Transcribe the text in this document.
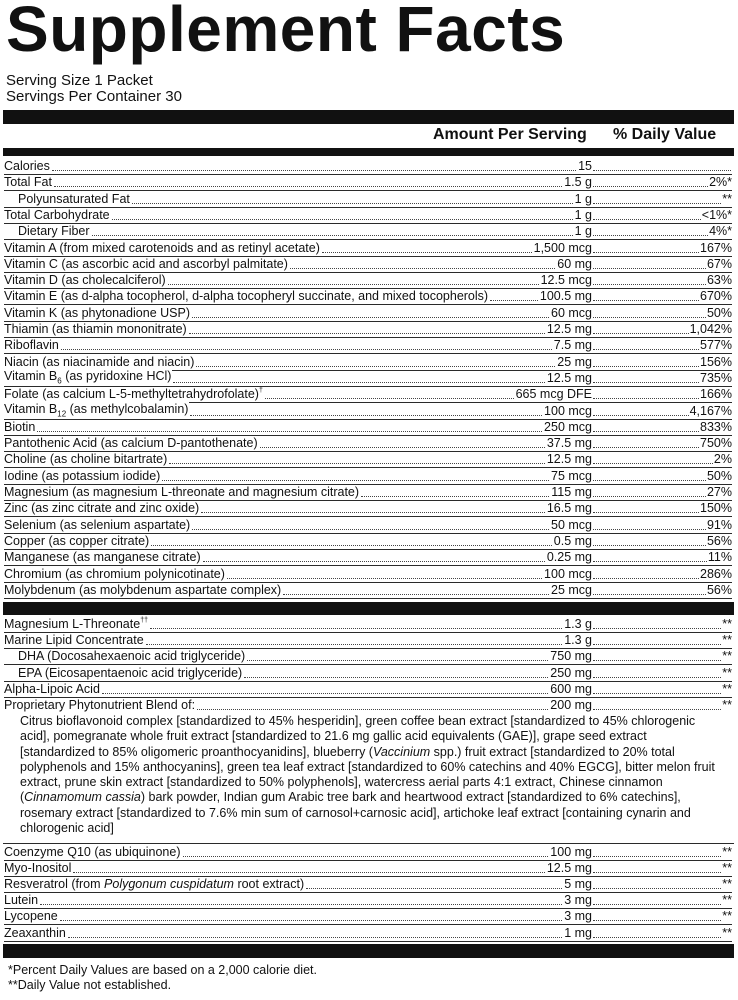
Supplement Facts
Serving Size 1 Packet
Servings Per Container 30
Amount Per Serving % Daily Value
Calories	15
Total Fat	1.5 g	2%*
Polyunsaturated Fat	1 g	**
Total Carbohydrate	1 g	<1%*
Dietary Fiber	1 g	4%*
Vitamin A (from mixed carotenoids and as retinyl acetate)	1,500 mcg	167%
Vitamin C (as ascorbic acid and ascorbyl palmitate)	60 mg	67%
Vitamin D (as cholecalciferol)	12.5 mcg	63%
Vitamin E (as d-alpha tocopherol, d-alpha tocopheryl succinate, and mixed tocopherols)	100.5 mg	670%
Vitamin K (as phytonadione USP)	60 mcg	50%
Thiamin (as thiamin mononitrate)	12.5 mg	1,042%
Riboflavin	7.5 mg	577%
Niacin (as niacinamide and niacin)	25 mg	156%
Vitamin $B_6$ (as pyridoxine HCl)	12.5 mg	735%
Folate (as calcium L-5-methyltetrahydrofolate)†	665 mcg DFE	166%
Vitamin $B_{12}$ (as methylcobalamin)	100 mcg	4,167%
Biotin	250 mcg	833%
Pantothenic Acid (as calcium D-pantothenate)	37.5 mg	750%
Choline (as choline bitartrate)	12.5 mg	2%
Iodine (as potassium iodide)	75 mcg	50%
Magnesium (as magnesium L-threonate and magnesium citrate)	115 mg	27%
Zinc (as zinc citrate and zinc oxide)	16.5 mg	150%
Selenium (as selenium aspartate)	50 mcg	91%
Copper (as copper citrate)	0.5 mg	56%
Manganese (as manganese citrate)	0.25 mg	11%
Chromium (as chromium polynicotinate)	100 mcg	286%
Molybdenum (as molybdenum aspartate complex)	25 mcg	56%
Magnesium L-Threonate††	1.3 g	**
Marine Lipid Concentrate	1.3 g	**
DHA (Docosahexaenoic acid triglyceride)	750 mg	**
EPA (Eicosapentaenoic acid triglyceride)	250 mg	**
Alpha-Lipoic Acid	600 mg	**
Proprietary Phytonutrient Blend of:	200 mg	**
Citrus bioflavonoid complex [standardized to 45% hesperidin], green coffee bean extract [standardized to 45% chlorogenic acid], pomegranate whole fruit extract [standardized to 21.6 mg gallic acid equivalents (GAE)], grape seed extract [standardized to 85% oligomeric proanthocyanidins], blueberry (Vaccinium spp.) fruit extract [standardized to 20% total polyphenols and 15% anthocyanins], green tea leaf extract [standardized to 60% catechins and 40% EGCG], bitter melon fruit extract, prune skin extract [standardized to 50% polyphenols], watercress aerial parts 4:1 extract, Chinese cinnamon (Cinnamomum cassia) bark powder, Indian gum Arabic tree bark and heartwood extract [standardized to 6% catechins], rosemary extract [standardized to 7.6% min sum of carnosol+carnosic acid], artichoke leaf extract [containing cynarin and chlorogenic acid]
Coenzyme Q10 (as ubiquinone)	100 mg	**
Myo-Inositol	12.5 mg	**
Resveratrol (from Polygonum cuspidatum root extract)	5 mg	**
Lutein	3 mg	**
Lycopene	3 mg	**
Zeaxanthin	1 mg	**
*Percent Daily Values are based on a 2,000 calorie diet.
**Daily Value not established.
